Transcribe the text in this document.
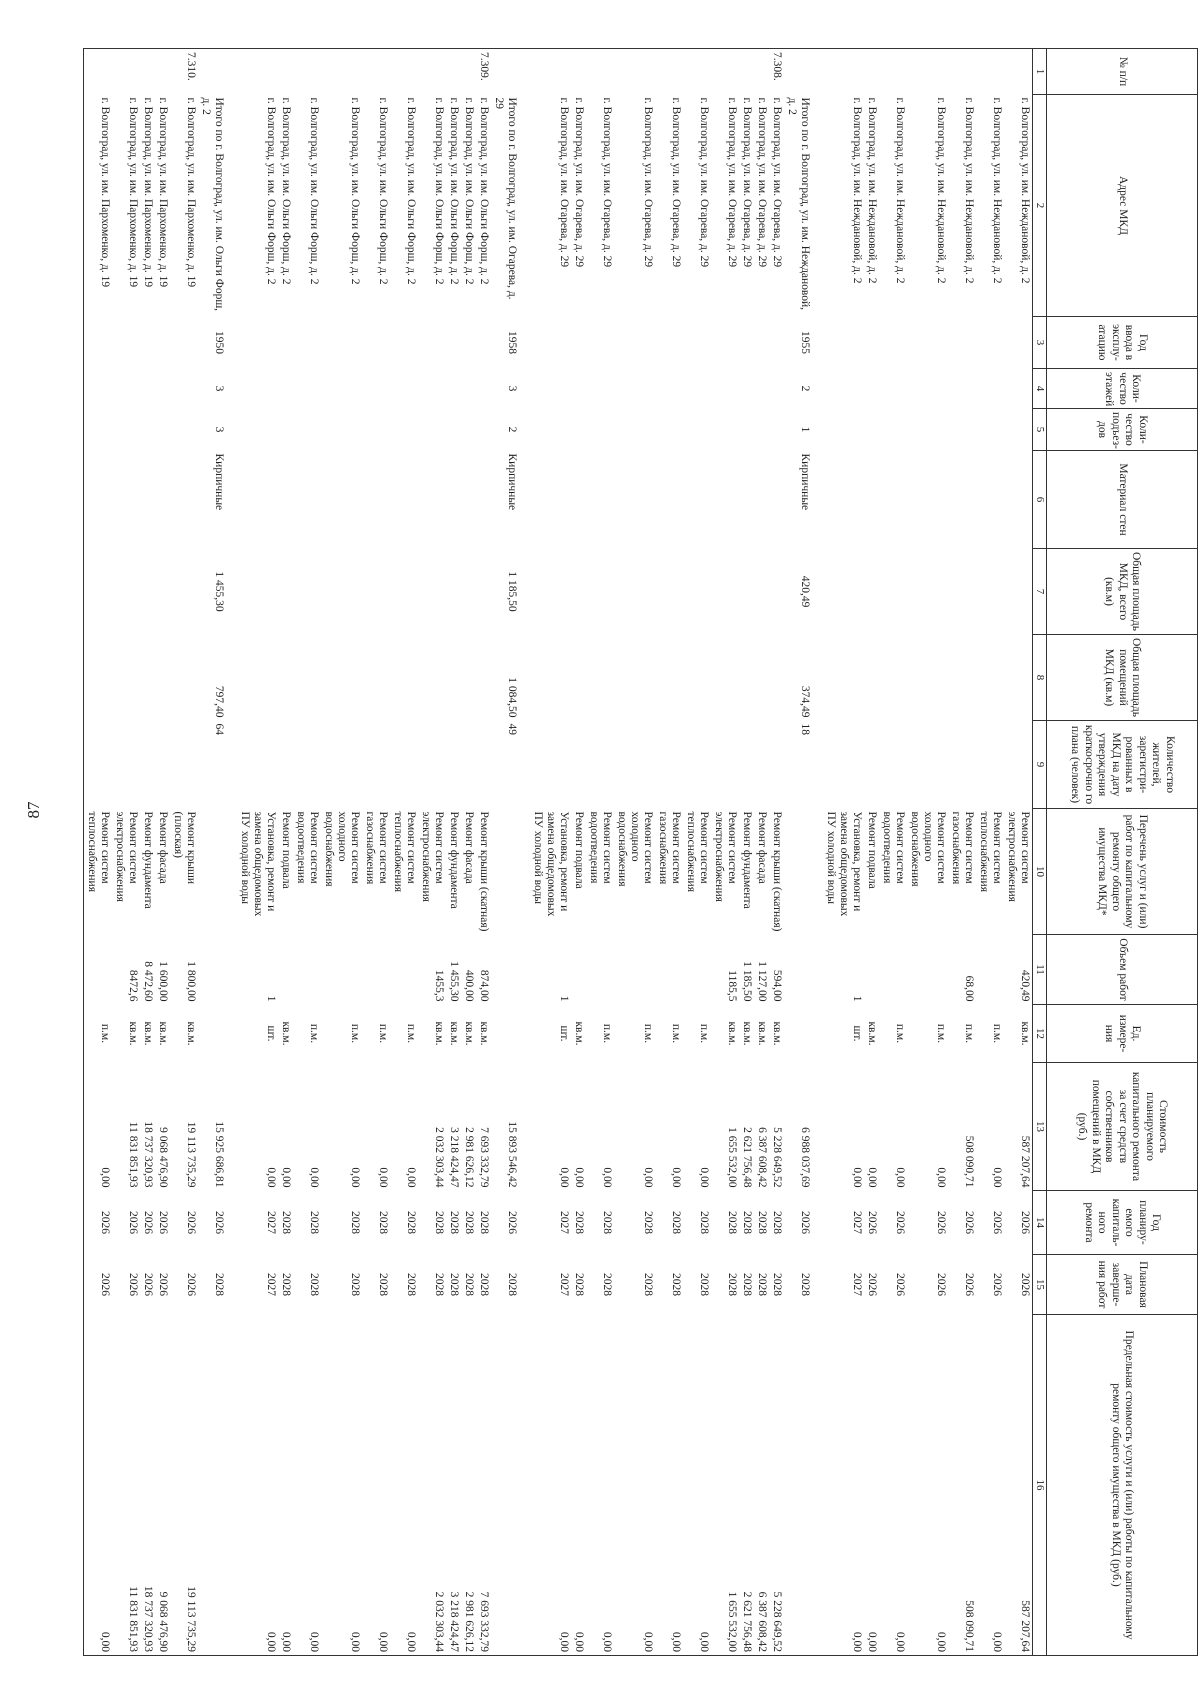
87
№ п/п	Адрес МКД	Год ввода в эксплу-атацию	Коли-чество этажей	Коли-чество подъез-дов	Материал стен	Общая площадь МКД, всего (кв.м)	Общая площадь помещений МКД (кв.м)	Количество жителей, зарегистри-рованных в МКД на дату утверждения краткосрочно го плана (человек)	Перечень услуг и (или) работ по капитальному ремонту общего имущества МКД*	Объем работ	Ед. измере-ния	Стоимость планируемого капитального ремонта за счет средств собственников помещений в МКД (руб.)	Год планиру-емого капиталь-ного ремонта	Плановая дата заверше-ния работ	Предельная стоимость услуги и (или) работы по капитальному ремонту общего имущества в МКД (руб.)
1	2	3	4	5	6	7	8	9	10	11	12	13	14	15	16
	г. Волгоград, ул. им. Неждановой, д. 2								Ремонт систем электроснабжения	420,49	кв.м.	587 207,64	2026	2026	587 207,64
	г. Волгоград, ул. им. Неждановой, д. 2								Ремонт систем теплоснабжения		п.м.	0,00	2026	2026	0,00
	г. Волгоград, ул. им. Неждановой, д. 2								Ремонт систем газоснабжения	68,00	п.м.	508 090,71	2026	2026	508 090,71
	г. Волгоград, ул. им. Неждановой, д. 2								Ремонт систем холодного водоснабжения		п.м.	0,00	2026	2026	0,00
	г. Волгоград, ул. им. Неждановой, д. 2								Ремонт систем водоотведения		п.м.	0,00	2026	2026	0,00
	г. Волгоград, ул. им. Неждановой, д. 2								Ремонт подвала		кв.м.	0,00	2026	2026	0,00
	г. Волгоград, ул. им. Неждановой, д. 2								Установка, ремонт и замена общедомовых ПУ холодной воды	1	шт.	0,00	2027	2027	0,00
	Итого по г. Волгоград, ул. им. Неждановой, д. 2	1955	2	1	Кирпичные	420,49	374,49	18				6 988 037,69	2026	2028	
7.308.	г. Волгоград, ул. им. Огарева, д. 29								Ремонт крыши (скатная)	594,00	кв.м.	5 228 649,52	2028	2028	5 228 649,52
	г. Волгоград, ул. им. Огарева, д. 29								Ремонт фасада	1 127,00	кв.м.	6 387 608,42	2028	2028	6 387 608,42
	г. Волгоград, ул. им. Огарева, д. 29								Ремонт фундамента	1 185,50	кв.м.	2 621 756,48	2028	2028	2 621 756,48
	г. Волгоград, ул. им. Огарева, д. 29								Ремонт систем электроснабжения	1185,5	кв.м.	1 655 532,00	2028	2028	1 655 532,00
	г. Волгоград, ул. им. Огарева, д. 29								Ремонт систем теплоснабжения		п.м.	0,00	2028	2028	0,00
	г. Волгоград, ул. им. Огарева, д. 29								Ремонт систем газоснабжения		п.м.	0,00	2028	2028	0,00
	г. Волгоград, ул. им. Огарева, д. 29								Ремонт систем холодного водоснабжения		п.м.	0,00	2028	2028	0,00
	г. Волгоград, ул. им. Огарева, д. 29								Ремонт систем водоотведения		п.м.	0,00	2028	2028	0,00
	г. Волгоград, ул. им. Огарева, д. 29								Ремонт подвала		кв.м.	0,00	2028	2028	0,00
	г. Волгоград, ул. им. Огарева, д. 29								Установка, ремонт и замена общедомовых ПУ холодной воды	1	шт.	0,00	2027	2027	0,00
	Итого по г. Волгоград, ул. им. Огарева, д. 29	1958	3	2	Кирпичные	1 185,50	1 084,50	49				15 893 546,42	2026	2028	
7.309.	г. Волгоград, ул. им. Ольги Форш, д. 2								Ремонт крыши (скатная)	874,00	кв.м.	7 693 332,79	2028	2028	7 693 332,79
	г. Волгоград, ул. им. Ольги Форш, д. 2								Ремонт фасада	400,00	кв.м.	2 981 626,12	2028	2028	2 981 626,12
	г. Волгоград, ул. им. Ольги Форш, д. 2								Ремонт фундамента	1 455,30	кв.м.	3 218 424,47	2028	2028	3 218 424,47
	г. Волгоград, ул. им. Ольги Форш, д. 2								Ремонт систем электроснабжения	1455,3	кв.м.	2 032 303,44	2028	2028	2 032 303,44
	г. Волгоград, ул. им. Ольги Форш, д. 2								Ремонт систем теплоснабжения		п.м.	0,00	2028	2028	0,00
	г. Волгоград, ул. им. Ольги Форш, д. 2								Ремонт систем газоснабжения		п.м.	0,00	2028	2028	0,00
	г. Волгоград, ул. им. Ольги Форш, д. 2								Ремонт систем холодного водоснабжения		п.м.	0,00	2028	2028	0,00
	г. Волгоград, ул. им. Ольги Форш, д. 2								Ремонт систем водоотведения		п.м.	0,00	2028	2028	0,00
	г. Волгоград, ул. им. Ольги Форш, д. 2								Ремонт подвала		кв.м.	0,00	2028	2028	0,00
	г. Волгоград, ул. им. Ольги Форш, д. 2								Установка, ремонт и замена общедомовых ПУ холодной воды	1	шт.	0,00	2027	2027	0,00
	Итого по г. Волгоград, ул. им. Ольги Форш, д. 2	1950	3	3	Кирпичные	1 455,30	797,40	64				15 925 686,81	2026	2028	
7.310.	г. Волгоград, ул. им. Пархоменко, д. 19								Ремонт крыши (плоская)	1 800,00	кв.м.	19 113 735,29	2026	2026	19 113 735,29
	г. Волгоград, ул. им. Пархоменко, д. 19								Ремонт фасада	1 600,00	кв.м.	9 068 476,90	2026	2026	9 068 476,90
	г. Волгоград, ул. им. Пархоменко, д. 19								Ремонт фундамента	8 472,60	кв.м.	18 737 320,93	2026	2026	18 737 320,93
	г. Волгоград, ул. им. Пархоменко, д. 19								Ремонт систем электроснабжения	8472,6	кв.м.	11 831 851,93	2026	2026	11 831 851,93
	г. Волгоград, ул. им. Пархоменко, д. 19								Ремонт систем теплоснабжения		п.м.	0,00	2026	2026	0,00
